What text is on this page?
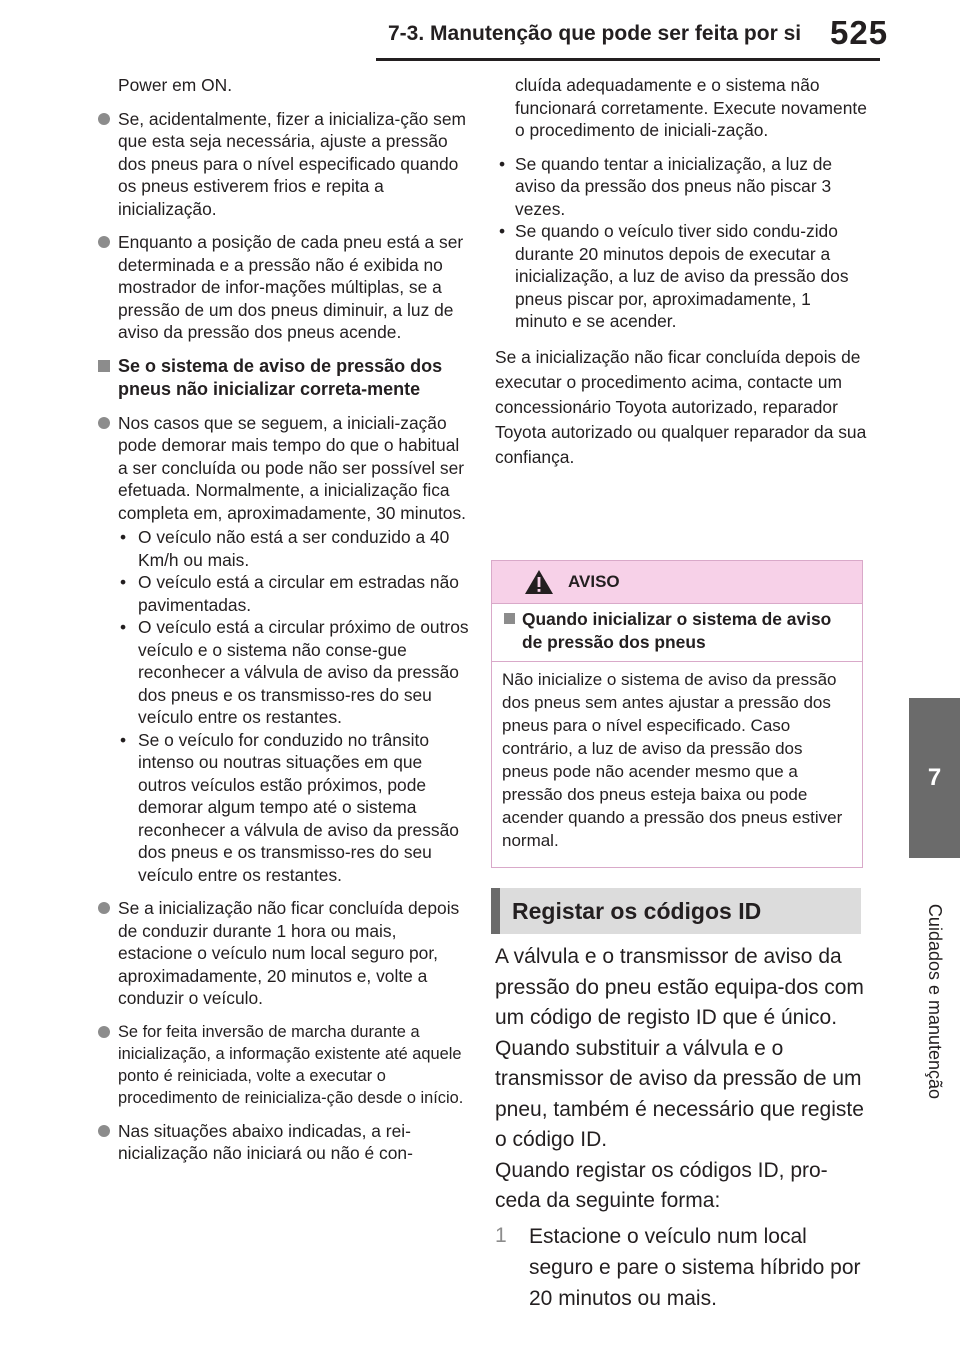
7-3. Manutenção que pode ser feita por si 525
7
Cuidados e manutenção

Power em ON.

Se, acidentalmente, fizer a inicializa-ção sem que esta seja necessária, ajuste a pressão dos pneus para o nível especificado quando os pneus estiverem frios e repita a inicialização.
Enquanto a posição de cada pneu está a ser determinada e a pressão não é exibida no mostrador de infor-mações múltiplas, se a pressão de um dos pneus diminuir, a luz de aviso da pressão dos pneus acende.
Se o sistema de aviso de pressão dos pneus não inicializar correta-mente
Nos casos que se seguem, a iniciali-zação pode demorar mais tempo do que o habitual a ser concluída ou pode não ser possível ser efetuada. Normalmente, a inicialização fica completa em, aproximadamente, 30 minutos.
• O veículo não está a ser conduzido a 40 Km/h ou mais.
• O veículo está a circular em estradas não pavimentadas.
• O veículo está a circular próximo de outros veículo e o sistema não conse-gue reconhecer a válvula de aviso da pressão dos pneus e os transmisso-res do seu veículo entre os restantes.
• Se o veículo for conduzido no trânsito intenso ou noutras situações em que outros veículos estão próximos, pode demorar algum tempo até o sistema reconhecer a válvula de aviso da pressão dos pneus e os transmisso-res do seu veículo entre os restantes.
Se a inicialização não ficar concluída depois de conduzir durante 1 hora ou mais, estacione o veículo num local seguro por, aproximadamente, 20 minutos e, volte a conduzir o veículo.
Se for feita inversão de marcha durante a inicialização, a informação existente até aquele ponto é reiniciada, volte a executar o procedimento de reinicializa-ção desde o início.
Nas situações abaixo indicadas, a rei-nicialização não iniciará ou não é con-

cluída adequadamente e o sistema não funcionará corretamente. Execute novamente o procedimento de iniciali-zação.

• Se quando tentar a inicialização, a luz de aviso da pressão dos pneus não piscar 3 vezes.
• Se quando o veículo tiver sido condu-zido durante 20 minutos depois de executar a inicialização, a luz de aviso da pressão dos pneus piscar por, aproximadamente, 1 minuto e se acender.

Se a inicialização não ficar concluída depois de executar o procedimento acima, contacte um concessionário Toyota autorizado, reparador Toyota autorizado ou qualquer reparador da sua confiança.

AVISO
Quando inicializar o sistema de aviso de pressão dos pneus

Não inicialize o sistema de aviso da pressão dos pneus sem antes ajustar a pressão dos pneus para o nível especificado. Caso contrário, a luz de aviso da pressão dos pneus pode não acender mesmo que a pressão dos pneus esteja baixa ou pode acender quando a pressão dos pneus estiver normal.

Registar os códigos ID

A válvula e o transmissor de aviso da pressão do pneu estão equipa-dos com um código de registo ID que é único. Quando substituir a válvula e o transmissor de aviso da pressão de um pneu, também é necessário que registe o código ID.

Quando registar os códigos ID, pro-ceda da seguinte forma:

1 Estacione o veículo num local seguro e pare o sistema híbrido por 20 minutos ou mais.
